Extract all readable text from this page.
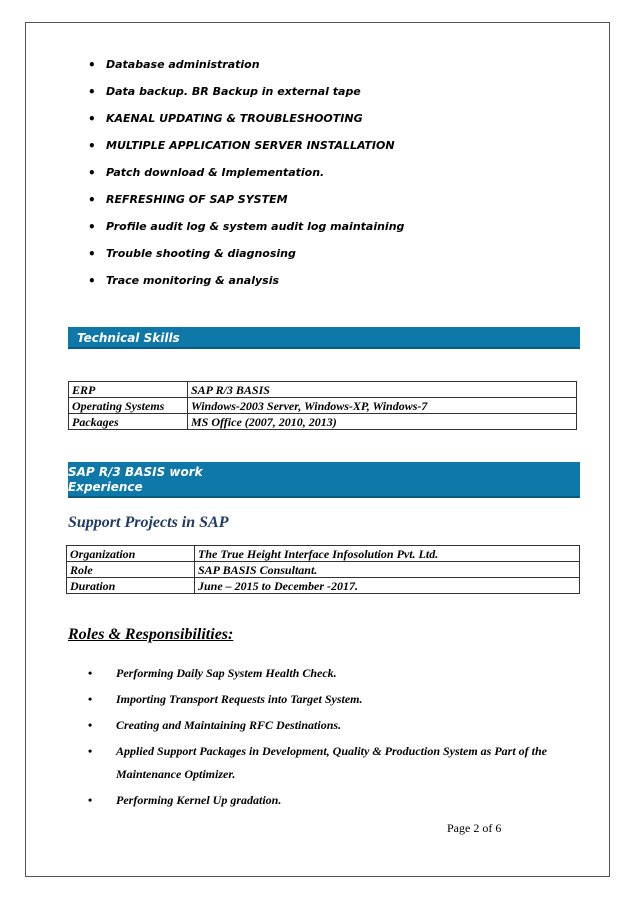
• Database administration
• Data backup. BR Backup in external tape
• KAENAL UPDATING & TROUBLESHOOTING
• MULTIPLE APPLICATION SERVER INSTALLATION
• Patch download & Implementation.
• REFRESHING OF SAP SYSTEM
• Profile audit log & system audit log maintaining
• Trouble shooting & diagnosing
• Trace monitoring & analysis
Technical Skills
ERP	SAP R/3 BASIS
Operating Systems	Windows-2003 Server, Windows-XP, Windows-7
Packages	MS Office (2007, 2010, 2013)
SAP R/3 BASIS work
Experience
Support Projects in SAP
Organization	The True Height Interface Infosolution Pvt. Ltd.
Role	SAP BASIS Consultant.
Duration	June – 2015 to December -2017.
Roles & Responsibilities:
• Performing Daily Sap System Health Check.
• Importing Transport Requests into Target System.
• Creating and Maintaining RFC Destinations.
• Applied Support Packages in Development, Quality & Production System as Part of the Maintenance Optimizer.
• Performing Kernel Up gradation.
Page 2 of 6
